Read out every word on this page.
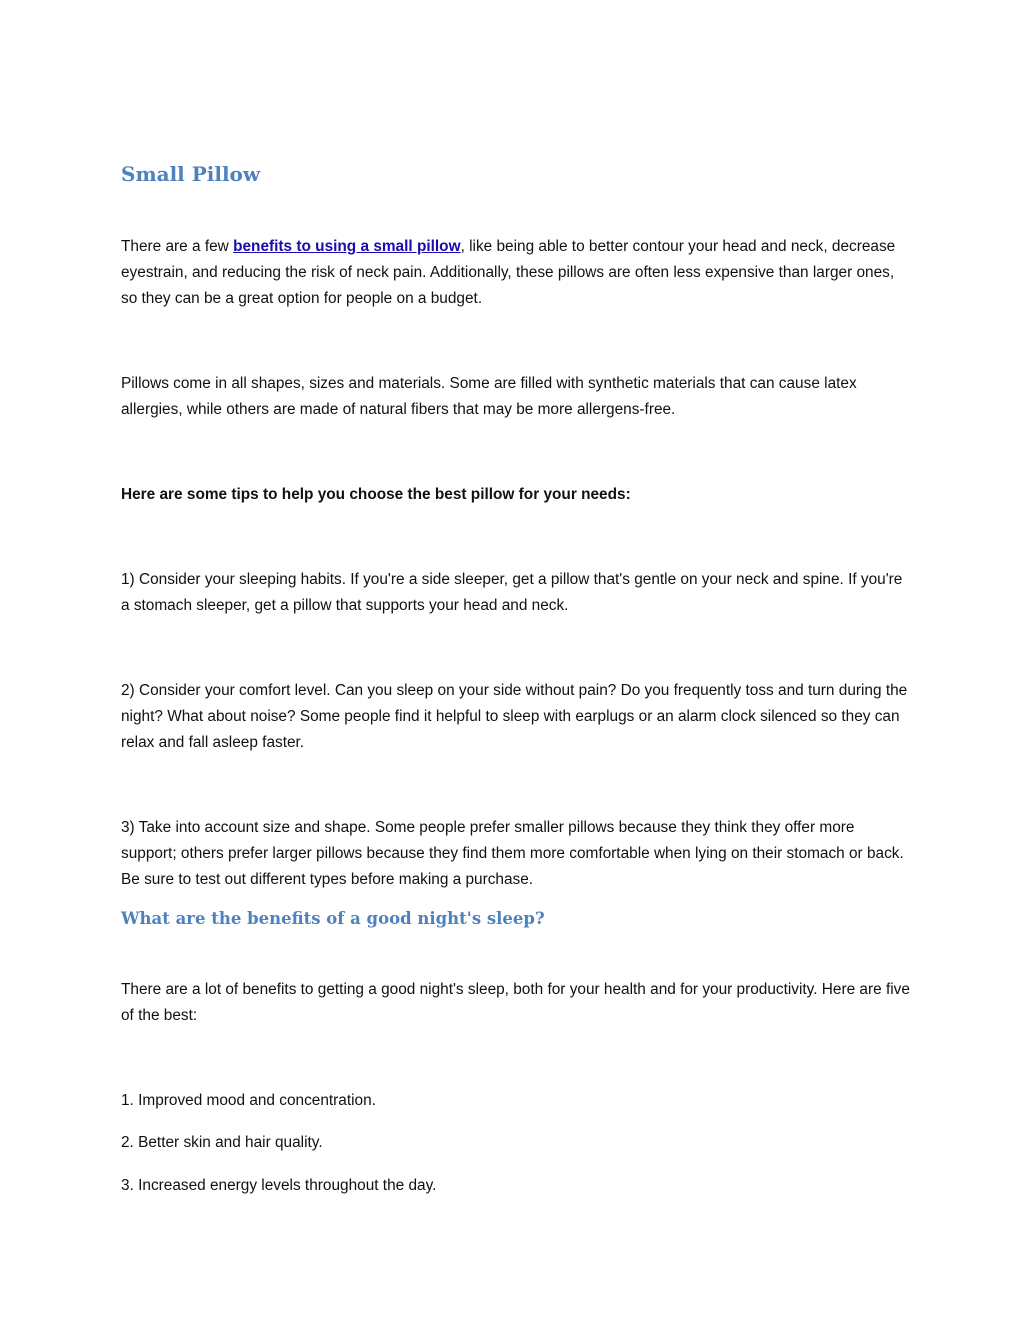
Small Pillow

There are a few benefits to using a small pillow, like being able to better contour your head and neck, decrease eyestrain, and reducing the risk of neck pain. Additionally, these pillows are often less expensive than larger ones, so they can be a great option for people on a budget.

Pillows come in all shapes, sizes and materials. Some are filled with synthetic materials that can cause latex allergies, while others are made of natural fibers that may be more allergens-free.

Here are some tips to help you choose the best pillow for your needs:

1) Consider your sleeping habits. If you're a side sleeper, get a pillow that's gentle on your neck and spine. If you're a stomach sleeper, get a pillow that supports your head and neck.

2) Consider your comfort level. Can you sleep on your side without pain? Do you frequently toss and turn during the night? What about noise? Some people find it helpful to sleep with earplugs or an alarm clock silenced so they can relax and fall asleep faster.

3) Take into account size and shape. Some people prefer smaller pillows because they think they offer more support; others prefer larger pillows because they find them more comfortable when lying on their stomach or back. Be sure to test out different types before making a purchase.

What are the benefits of a good night's sleep?

There are a lot of benefits to getting a good night's sleep, both for your health and for your productivity. Here are five of the best:

1. Improved mood and concentration.

2. Better skin and hair quality.

3. Increased energy levels throughout the day.
